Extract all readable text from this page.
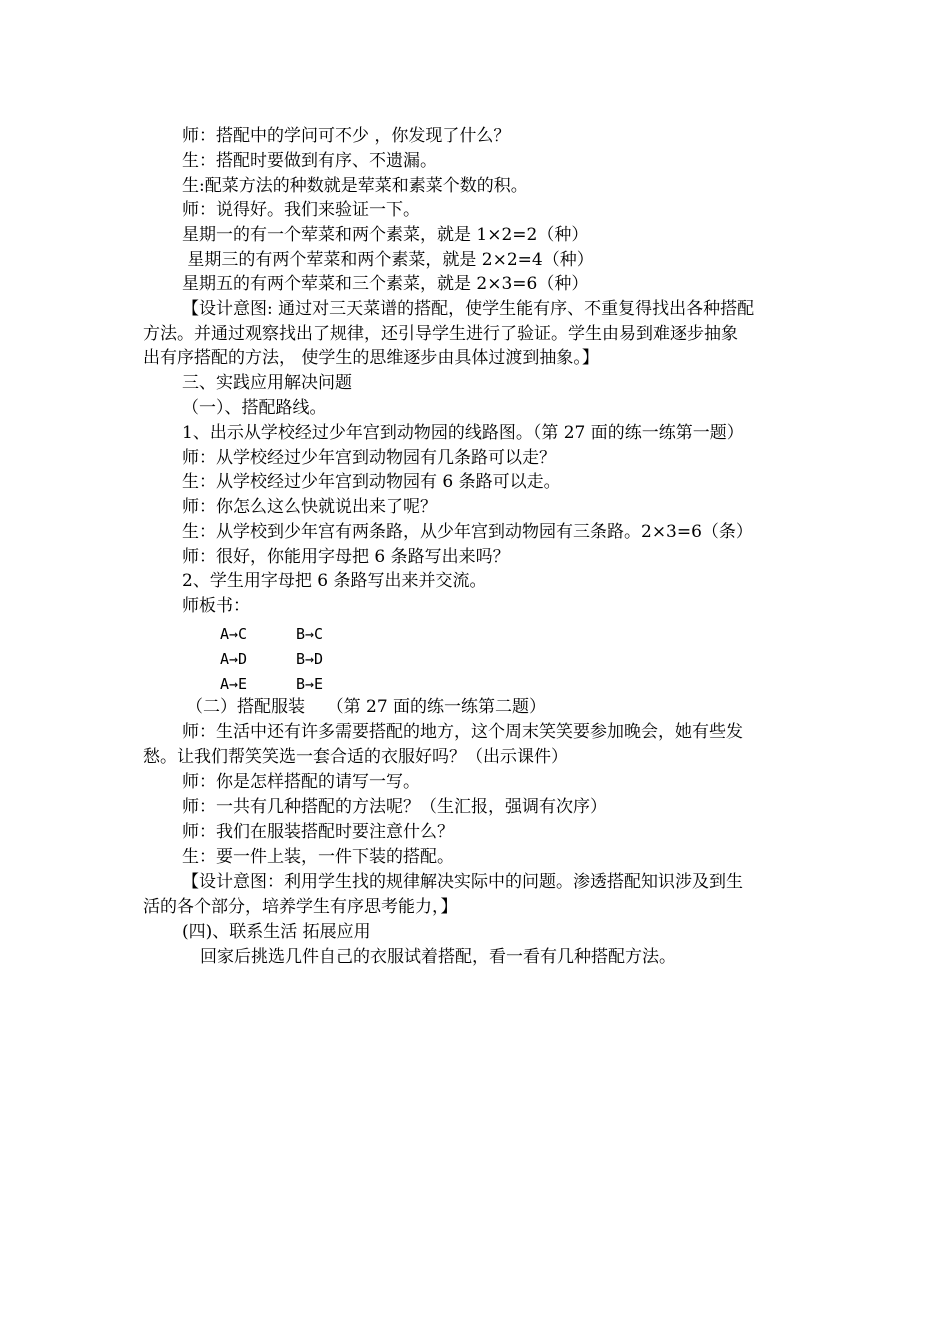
师：搭配中的学问可不少 ，你发现了什么？
生：搭配时要做到有序、不遗漏。
生:配菜方法的种数就是荤菜和素菜个数的积。
师：说得好。我们来验证一下。
星期一的有一个荤菜和两个素菜，就是 1×2=2（种）
星期三的有两个荤菜和两个素菜，就是 2×2=4（种）
星期五的有两个荤菜和三个素菜，就是 2×3=6（种）
【设计意图: 通过对三天菜谱的搭配，使学生能有序、不重复得找出各种搭配
方法。并通过观察找出了规律，还引导学生进行了验证。学生由易到难逐步抽象
出有序搭配的方法， 使学生的思维逐步由具体过渡到抽象。】
三、实践应用解决问题
（一）、搭配路线。
1、出示从学校经过少年宫到动物园的线路图。（第 27 面的练一练第一题）
师：从学校经过少年宫到动物园有几条路可以走？
生：从学校经过少年宫到动物园有 6 条路可以走。
师：你怎么这么快就说出来了呢？
生：从学校到少年宫有两条路，从少年宫到动物园有三条路。2×3=6（条）
师：很好，你能用字母把 6 条路写出来吗？
2、学生用字母把 6 条路写出来并交流。
师板书：
A→C	B→C
A→D	B→D
A→E	B→E
（二）搭配服装    （第 27 面的练一练第二题）
师：生活中还有许多需要搭配的地方，这个周末笑笑要参加晚会，她有些发
愁。让我们帮笑笑选一套合适的衣服好吗？（出示课件）
师：你是怎样搭配的请写一写。
师：一共有几种搭配的方法呢？（生汇报，强调有次序）
师：我们在服装搭配时要注意什么？
生：要一件上装，一件下装的搭配。
【设计意图：利用学生找的规律解决实际中的问题。渗透搭配知识涉及到生
活的各个部分，培养学生有序思考能力，】
(四)、联系生活 拓展应用
回家后挑选几件自己的衣服试着搭配，看一看有几种搭配方法。
